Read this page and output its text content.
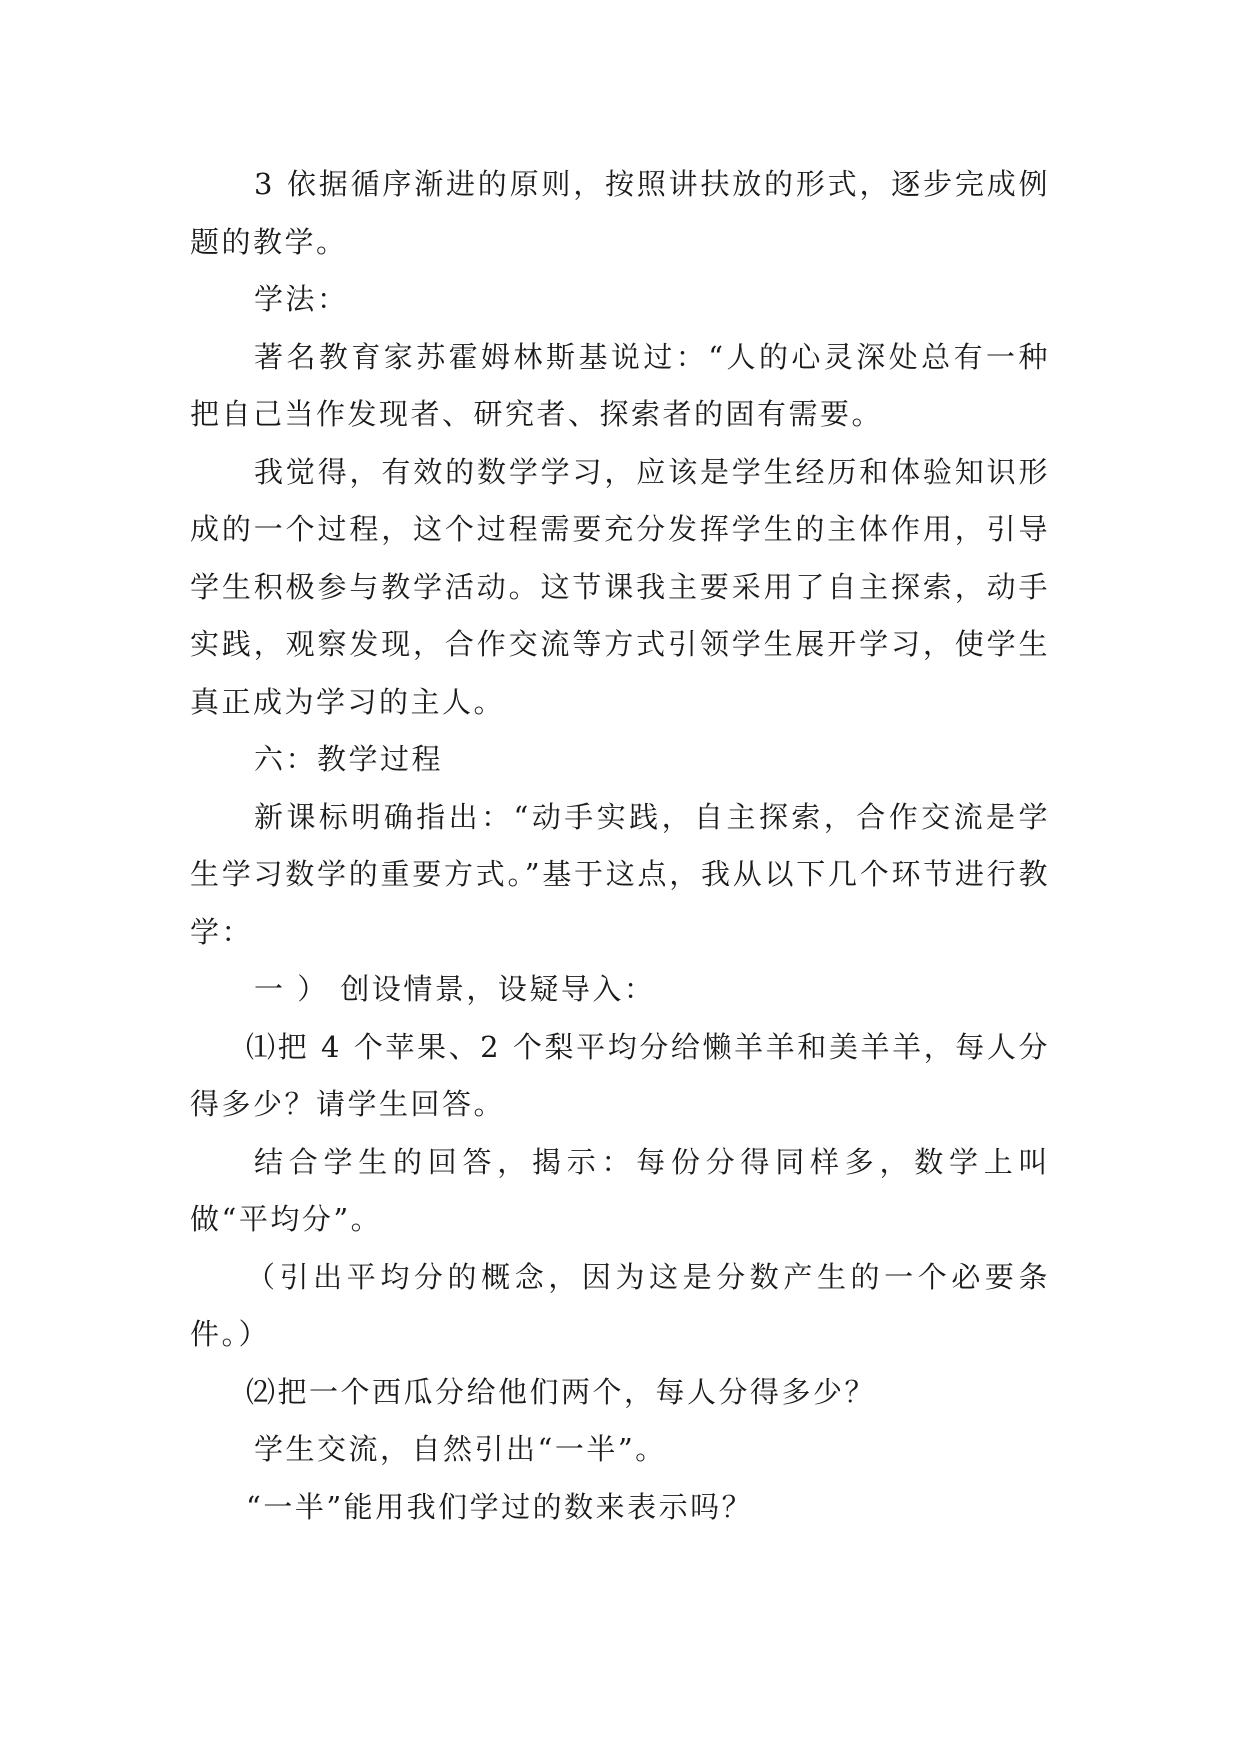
3 依据循序渐进的原则，按照讲扶放的形式，逐步完成例题的教学。

学法：

著名教育家苏霍姆林斯基说过：“人的心灵深处总有一种把自己当作发现者、研究者、探索者的固有需要。

我觉得，有效的数学学习，应该是学生经历和体验知识形成的一个过程，这个过程需要充分发挥学生的主体作用，引导学生积极参与教学活动。这节课我主要采用了自主探索，动手实践，观察发现，合作交流等方式引领学生展开学习，使学生真正成为学习的主人。

六：教学过程

新课标明确指出：“动手实践，自主探索，合作交流是学生学习数学的重要方式。”基于这点，我从以下几个环节进行教学：

一 ） 创设情景，设疑导入：

⑴把 4 个苹果、2 个梨平均分给懒羊羊和美羊羊，每人分得多少？请学生回答。

结合学生的回答，揭示：每份分得同样多，数学上叫做“平均分”。

（引出平均分的概念，因为这是分数产生的一个必要条件。）

⑵把一个西瓜分给他们两个，每人分得多少？

学生交流，自然引出“一半”。

“一半”能用我们学过的数来表示吗？
